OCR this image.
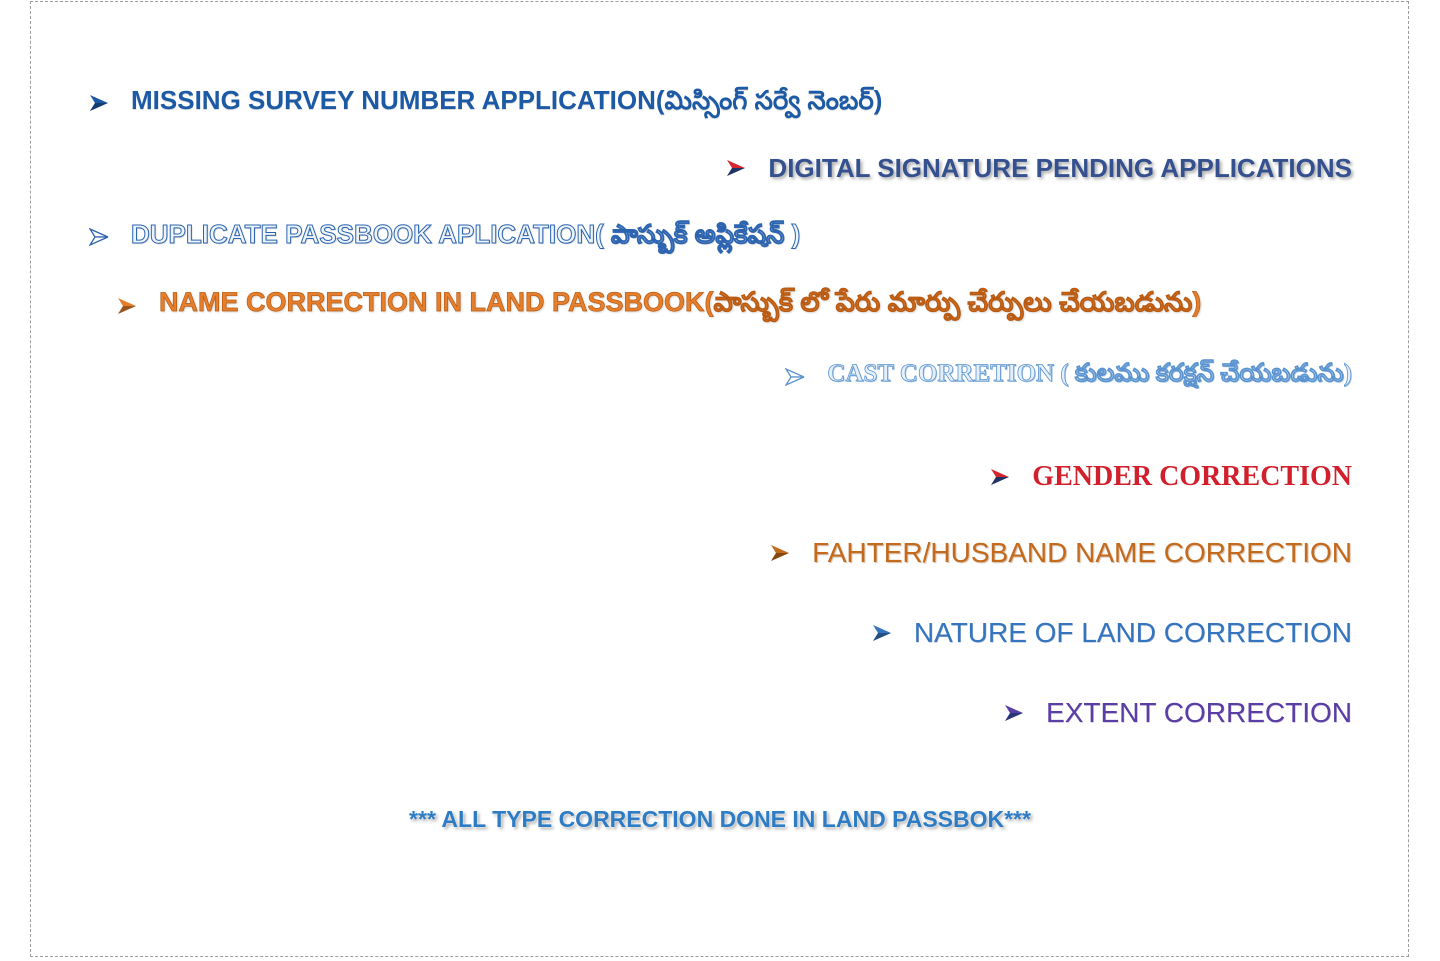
MISSING SURVEY NUMBER APPLICATION(మిస్సింగ్ సర్వే నెంబర్)
DIGITAL SIGNATURE PENDING APPLICATIONS
DUPLICATE PASSBOOK APLICATION( పాస్బుక్ అప్లికేషన్ )
NAME CORRECTION IN LAND PASSBOOK(పాస్బుక్ లో పేరు మార్పు చేర్పులు చేయబడును)
CAST CORRETION ( కులము కరక్షన్ చేయబడును)
GENDER CORRECTION
FAHTER/HUSBAND NAME CORRECTION
NATURE OF LAND CORRECTION
EXTENT CORRECTION
*** ALL TYPE CORRECTION DONE IN LAND PASSBOK***
